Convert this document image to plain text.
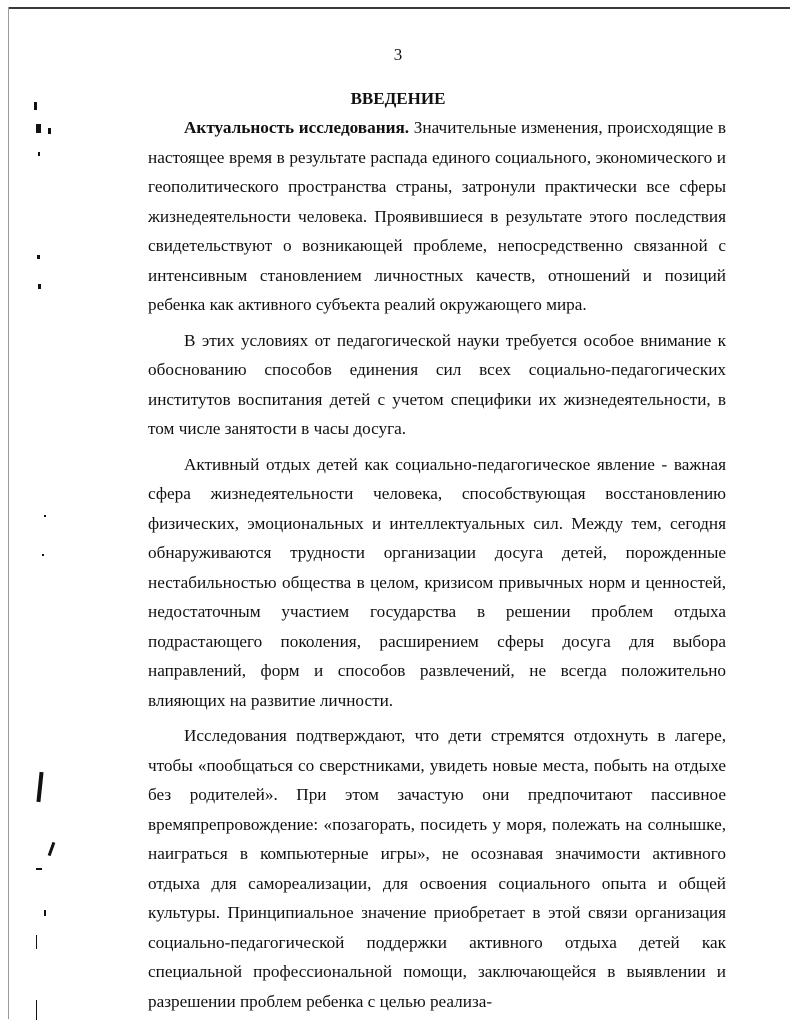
3
ВВЕДЕНИЕ

Актуальность исследования. Значительные изменения, происходящие в настоящее время в результате распада единого социального, экономического и геополитического пространства страны, затронули практически все сферы жизнедеятельности человека. Проявившиеся в результате этого последствия свидетельствуют о возникающей проблеме, непосредственно связанной с интенсивным становлением личностных качеств, отношений и позиций ребенка как активного субъекта реалий окружающего мира.

В этих условиях от педагогической науки требуется особое внимание к обоснованию способов единения сил всех социально-педагогических институтов воспитания детей с учетом специфики их жизнедеятельности, в том числе занятости в часы досуга.

Активный отдых детей как социально-педагогическое явление - важная сфера жизнедеятельности человека, способствующая восстановлению физических, эмоциональных и интеллектуальных сил. Между тем, сегодня обнаруживаются трудности организации досуга детей, порожденные нестабильностью общества в целом, кризисом привычных норм и ценностей, недостаточным участием государства в решении проблем отдыха подрастающего поколения, расширением сферы досуга для выбора направлений, форм и способов развлечений, не всегда положительно влияющих на развитие личности.

Исследования подтверждают, что дети стремятся отдохнуть в лагере, чтобы «пообщаться со сверстниками, увидеть новые места, побыть на отдыхе без родителей». При этом зачастую они предпочитают пассивное времяпрепровождение: «позагорать, посидеть у моря, полежать на солнышке, наиграться в компьютерные игры», не осознавая значимости активного отдыха для самореализации, для освоения социального опыта и общей культуры. Принципиальное значение приобретает в этой связи организация социально-педагогической поддержки активного отдыха детей как специальной профессиональной помощи, заключающейся в выявлении и разрешении проблем ребенка с целью реализа-
